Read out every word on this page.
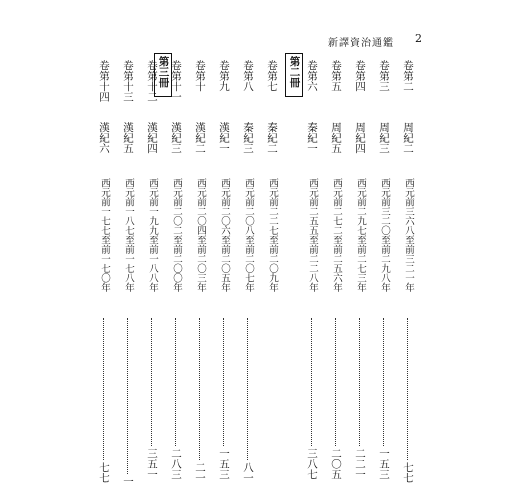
新譯資治通鑑	2
第二冊
第三冊	卷第二
周紀二
西元前三六八至前三二一年
七七
卷第三
周紀三
西元前三二〇至前二九八年
一五三
卷第四
周紀四
西元前二九七至前二七三年
二二一
卷第五
周紀五
西元前二七二至前二五六年
二〇五
卷第六
秦紀一
西元前二五五至前二二八年
三八七
卷第七
秦紀二
西元前二二七至前二〇九年
卷第八
秦紀三
西元前二〇八至前二〇七年
八一
卷第九
漢紀一
西元前二〇六至前二〇五年
一五三
卷第十
漢紀二
西元前二〇四至前二〇三年
二一
卷第十一
漢紀三
西元前二〇二至前二〇〇年
二八三
卷第十二
漢紀四
西元前一九九至前一八八年
三五一
卷第十三
漢紀五
西元前一八七至前一七八年
一
卷第十四
漢紀六
西元前一七七至前一七〇年
七七
